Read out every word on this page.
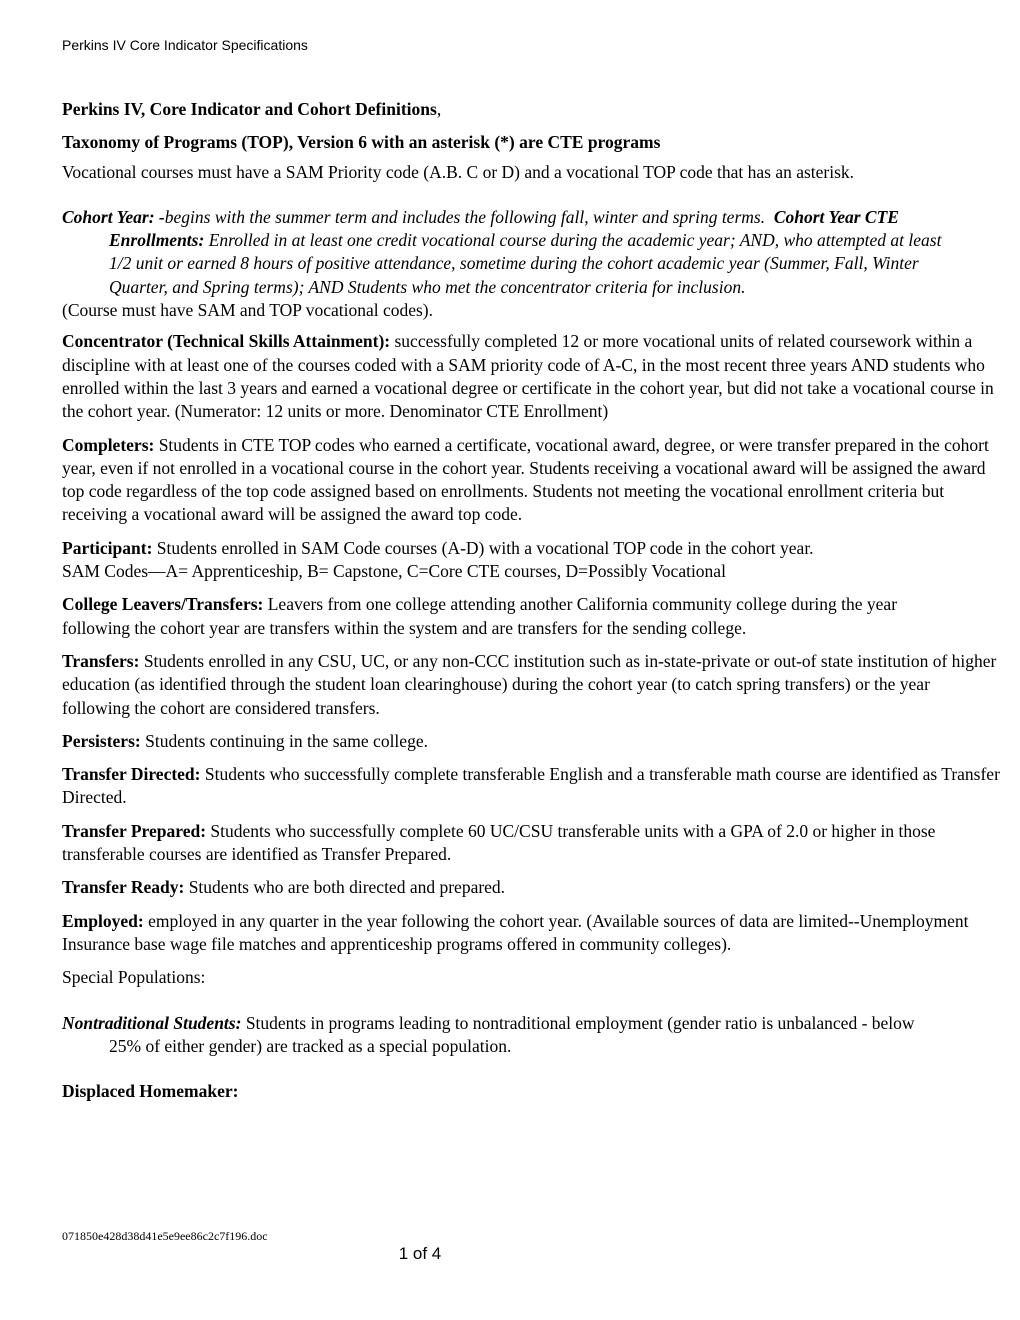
Perkins IV Core Indicator Specifications

Perkins IV, Core Indicator and Cohort Definitions,

Taxonomy of Programs (TOP), Version 6 with an asterisk (*) are CTE programs

Vocational courses must have a SAM Priority code (A.B. C or D) and a vocational TOP code that has an asterisk.

Cohort Year: -begins with the summer term and includes the following fall, winter and spring terms. Cohort Year CTE Enrollments: Enrolled in at least one credit vocational course during the academic year; AND, who attempted at least 1/2 unit or earned 8 hours of positive attendance, sometime during the cohort academic year (Summer, Fall, Winter Quarter, and Spring terms); AND Students who met the concentrator criteria for inclusion.

(Course must have SAM and TOP vocational codes).

Concentrator (Technical Skills Attainment): successfully completed 12 or more vocational units of related coursework within a discipline with at least one of the courses coded with a SAM priority code of A-C, in the most recent three years AND students who enrolled within the last 3 years and earned a vocational degree or certificate in the cohort year, but did not take a vocational course in the cohort year. (Numerator: 12 units or more. Denominator CTE Enrollment)

Completers: Students in CTE TOP codes who earned a certificate, vocational award, degree, or were transfer prepared in the cohort year, even if not enrolled in a vocational course in the cohort year. Students receiving a vocational award will be assigned the award top code regardless of the top code assigned based on enrollments. Students not meeting the vocational enrollment criteria but receiving a vocational award will be assigned the award top code.

Participant: Students enrolled in SAM Code courses (A-D) with a vocational TOP code in the cohort year.
SAM Codes—A= Apprenticeship, B= Capstone, C=Core CTE courses, D=Possibly Vocational

College Leavers/Transfers: Leavers from one college attending another California community college during the year following the cohort year are transfers within the system and are transfers for the sending college.

Transfers: Students enrolled in any CSU, UC, or any non-CCC institution such as in-state-private or out-of state institution of higher education (as identified through the student loan clearinghouse) during the cohort year (to catch spring transfers) or the year following the cohort are considered transfers.

Persisters: Students continuing in the same college.

Transfer Directed: Students who successfully complete transferable English and a transferable math course are identified as Transfer Directed.

Transfer Prepared: Students who successfully complete 60 UC/CSU transferable units with a GPA of 2.0 or higher in those transferable courses are identified as Transfer Prepared.

Transfer Ready: Students who are both directed and prepared.

Employed: employed in any quarter in the year following the cohort year. (Available sources of data are limited--Unemployment Insurance base wage file matches and apprenticeship programs offered in community colleges).

Special Populations:

Nontraditional Students: Students in programs leading to nontraditional employment (gender ratio is unbalanced - below 25% of either gender) are tracked as a special population.

Displaced Homemaker:

071850e428d38d41e5e9ee86c2c7f196.doc
1 of 4
